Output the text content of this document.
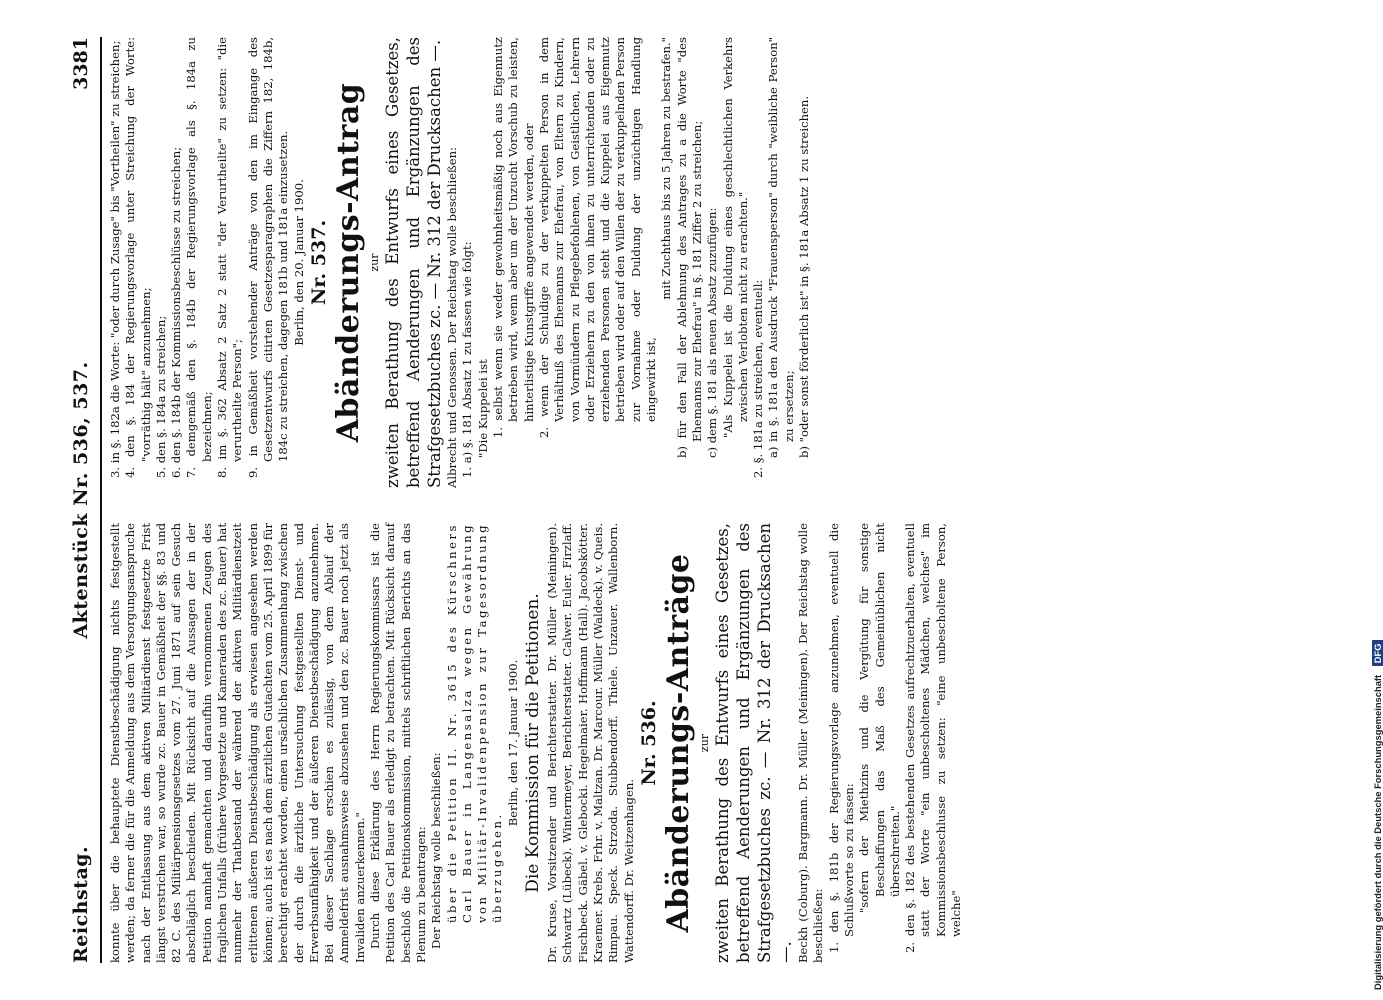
Reichstag.
Aktenstück Nr. 536, 537.
3381

konnte über die behauptete Dienstbeschädigung nichts festgestellt werden; da ferner die für die Anmeldung aus dem Versorgungsanspruche nach der Entlassung aus dem aktiven Militärdienst festgesetzte Frist längst verstrichen war, so wurde zc. Bauer in Gemäßheit der §§. 83 und 82 C. des Militärpensionsgesetzes vom 27. Juni 1871 auf sein Gesuch abschläglich beschieden. Mit Rücksicht auf die Aussagen der in der Petition namhaft gemachten und daraufhin vernommenen Zeugen des fraglichen Unfalls (frühere Vorgesetzte und Kameraden des zc. Bauer) hat nunmehr der Thatbestand der während der aktiven Militärdienstzeit erlittenen äußeren Dienstbeschädigung als erwiesen angesehen werden können; auch ist es nach dem ärztlichen Gutachten vom 25. April 1899 für berechtigt erachtet worden, einen ursächlichen Zusammenhang zwischen der durch die ärztliche Untersuchung festgestellten Dienst- und Erwerbsunfähigkeit und der äußeren Dienstbeschädigung anzunehmen. Bei dieser Sachlage erschien es zulässig, von dem Ablauf der Anmeldefrist ausnahmsweise abzusehen und den zc. Bauer noch jetzt als Invaliden anzuerkennen." Durch diese Erklärung des Herrn Regierungskommissars ist die Petition des Carl Bauer als erledigt zu betrachten. Mit Rücksicht darauf beschloß die Petitionskommission, mittels schriftlichen Berichts an das Plenum zu beantragen: Der Reichstag wolle beschließen: über die Petition II. Nr. 3615 des Kürschners Carl Bauer in Langensalza wegen Gewährung von Militär-Invalidenpension zur Tagesordnung überzugehen.

Berlin, den 17. Januar 1900. Die Kommission für die Petitionen. Dr. Kruse, Vorsitzender und Berichterstatter. Dr. Müller (Meiningen). Schwartz (Lübeck). Wintermeyer, Berichterstatter. Calwer. Euler. Firzlaff. Fischbeck. Gäbel. v. Glebocki. Hegelmaier. Hoffmann (Hall). Jacobskötter. Kraemer. Krebs. Frhr. v. Maltzan. Dr. Marcour. Müller (Waldeck). v. Queis. Rimpau. Speck. Strzoda. Stubbendorff. Thiele. Unzauer. Wallenborn. Wattendorff. Dr. Weitzenhagen.

Nr. 536. Abänderungs-Anträge zur zweiten Berathung des Entwurfs eines Gesetzes, betreffend Aenderungen und Ergänzungen des Strafgesetzbuches zc. — Nr. 312 der Drucksachen —. Beckh (Coburg). Bargmann. Dr. Müller (Meiningen). Der Reichstag wolle beschließen: 1. den §. 181b der Regierungsvorlage anzunehmen, eventuell die Schlußworte so zu fassen: "sofern der Miethzins und die Vergütung für sonstige Beschaffungen das Maß des Gemeinüblichen nicht überschreiten." 2. den §. 182 des bestehenden Gesetzes aufrechtzuerhalten, eventuell statt der Worte "ein unbescholtenes Mädchen, welches" im Kommissionsbeschlusse zu setzen: "eine unbescholtene Person, welche"

3. in §. 182a die Worte: "oder durch Zusage" bis "Vortheilen" zu streichen; 4. den §. 184 der Regierungsvorlage unter Streichung der Worte: "vorräthig hält" anzunehmen; 5. den §. 184a zu streichen; 6. den §. 184b der Kommissionsbeschlüsse zu streichen; 7. demgemäß den §. 184b der Regierungsvorlage als §. 184a zu bezeichnen; 8. im §. 362 Absatz 2 Satz 2 statt "der Verurtheilte" zu setzen: "die verurtheilte Person"; 9. in Gemäßheit vorstehender Anträge von den im Eingange des Gesetzentwurfs citirten Gesetzesparagraphen die Ziffern 182, 184b, 184c zu streichen, dagegen 181b und 181a einzusetzen. Berlin, den 20. Januar 1900. Nr. 537. Abänderungs-Antrag zur zweiten Berathung des Entwurfs eines Gesetzes, betreffend Aenderungen und Ergänzungen des Strafgesetzbuches zc. — Nr. 312 der Drucksachen —. Albrecht und Genossen. Der Reichstag wolle beschließen: 1. a) §. 181 Absatz 1 zu fassen wie folgt: "Die Kuppelei ist 1. selbst wenn sie weder gewohnheitsmäßig noch aus Eigennutz betrieben wird, wenn aber um der Unzucht Vorschub zu leisten, hinterlistige Kunstgriffe angewendet werden, oder 2. wenn der Schuldige zu der verkuppelten Person in dem Verhältniß des Ehemanns zur Ehefrau, von Eltern zu Kindern, von Vormündern zu Pflegebefohlenen, von Geistlichen, Lehrern oder Erziehern zu den von ihnen zu unterrichtenden oder zu erziehenden Personen steht und die Kuppelei aus Eigennutz betrieben wird oder auf den Willen der zu verkuppelnden Person zur Vornahme oder Duldung der unzüchtigen Handlung eingewirkt ist,

mit Zuchthaus bis zu 5 Jahren zu bestrafen." b) für den Fall der Ablehnung des Antrages zu a die Worte "des Ehemanns zur Ehefrau" in §. 181 Ziffer 2 zu streichen; c) dem §. 181 als neuen Absatz zuzufügen: "Als Kuppelei ist die Duldung eines geschlechtlichen Verkehrs zwischen Verlobten nicht zu erachten." 2. §. 181a zu streichen, eventuell: a) in §. 181a den Ausdruck "Frauensperson" durch "weibliche Person" zu ersetzen; b) "oder sonst förderlich ist" in §. 181a Absatz 1 zu streichen.

Digitalisierung gefördert durch die Deutsche Forschungsgemeinschaft DFG
